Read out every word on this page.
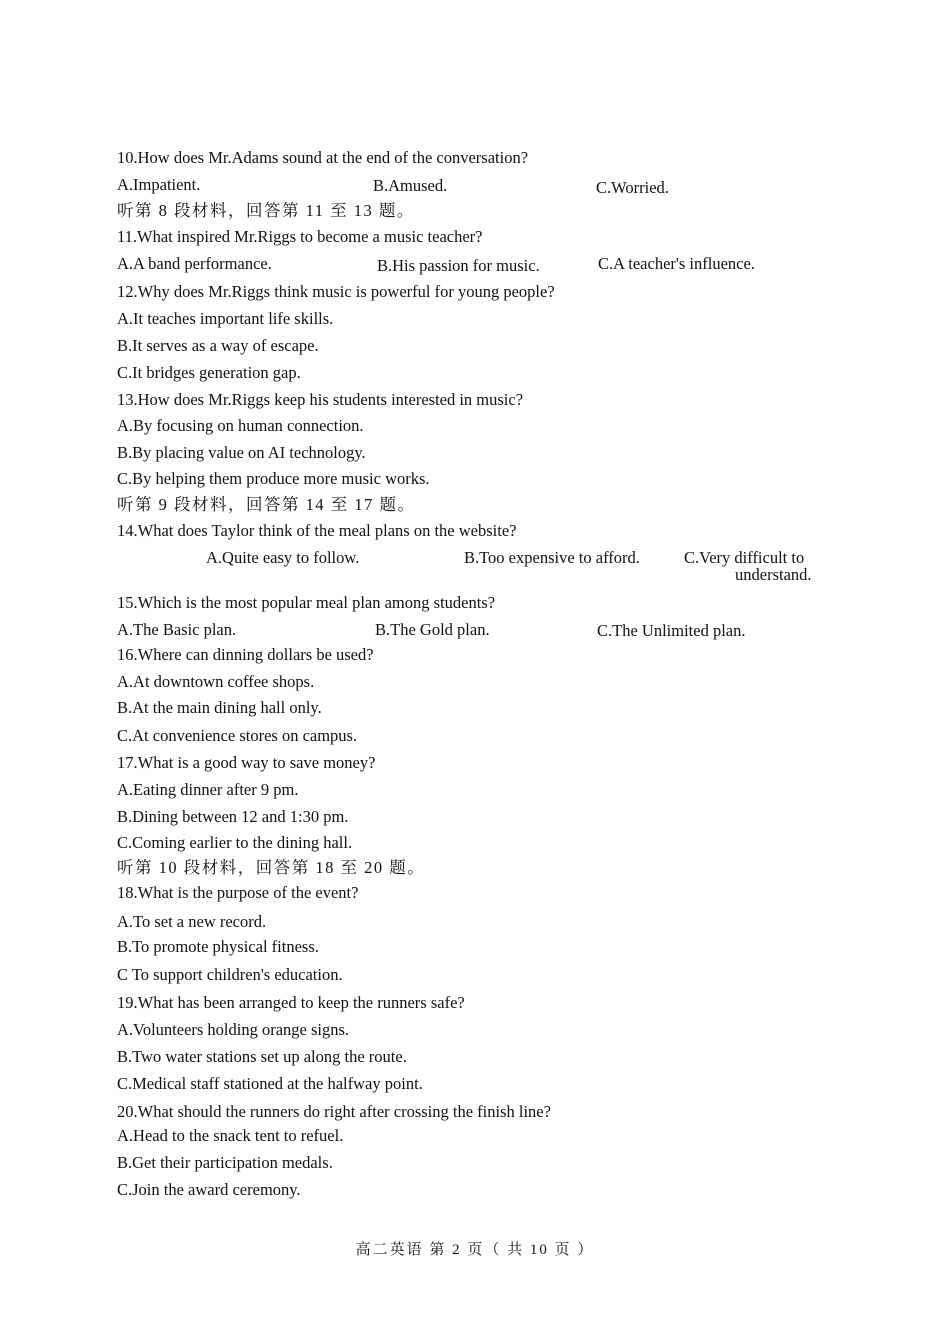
10.How does Mr.Adams sound at the end of the conversation?
A.Impatient.	B.Amused.	C.Worried.
听第 8 段材料，回答第 11 至 13 题。
11.What inspired Mr.Riggs to become a music teacher?
A.A band performance.	B.His passion for music.	C.A teacher's influence.
12.Why does Mr.Riggs think music is powerful for young people?
A.It teaches important life skills.
B.It serves as a way of escape.
C.It bridges generation gap.
13.How does Mr.Riggs keep his students interested in music?
A.By focusing on human connection.
B.By placing value on AI technology.
C.By helping them produce more music works.
听第 9 段材料，回答第 14 至 17 题。
14.What does Taylor think of the meal plans on the website?
A.Quite easy to follow.	B.Too expensive to afford.	C.Very difficult to
understand.
15.Which is the most popular meal plan among students?
A.The Basic plan.	B.The Gold plan.	C.The Unlimited plan.
16.Where can dinning dollars be used?
A.At downtown coffee shops.
B.At the main dining hall only.
C.At convenience stores on campus.
17.What is a good way to save money?
A.Eating dinner after 9 pm.
B.Dining between 12 and 1:30 pm.
C.Coming earlier to the dining hall.
听第 10 段材料，回答第 18 至 20 题。
18.What is the purpose of the event?
A.To set a new record.
B.To promote physical fitness.
C To support children's education.
19.What has been arranged to keep the runners safe?
A.Volunteers holding orange signs.
B.Two water stations set up along the route.
C.Medical staff stationed at the halfway point.
20.What should the runners do right after crossing the finish line?
A.Head to the snack tent to refuel.
B.Get their participation medals.
C.Join the award ceremony.
高二英语 第 2 页（ 共 10 页 ）
